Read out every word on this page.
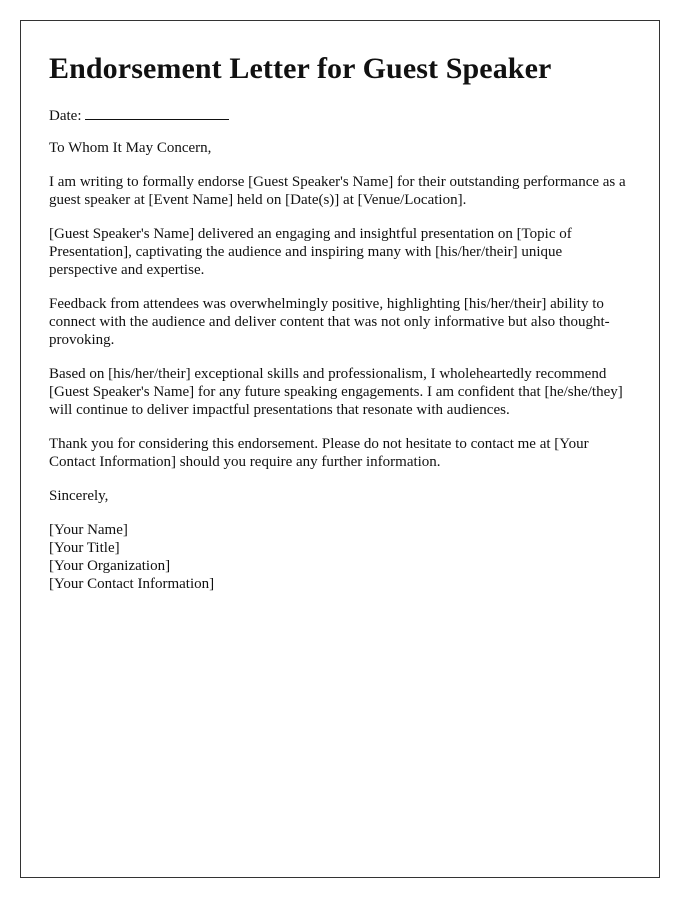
Endorsement Letter for Guest Speaker
Date:

To Whom It May Concern,

I am writing to formally endorse [Guest Speaker's Name] for their outstanding performance as a guest speaker at [Event Name] held on [Date(s)] at [Venue/Location].

[Guest Speaker's Name] delivered an engaging and insightful presentation on [Topic of Presentation], captivating the audience and inspiring many with [his/her/their] unique perspective and expertise.

Feedback from attendees was overwhelmingly positive, highlighting [his/her/their] ability to connect with the audience and deliver content that was not only informative but also thought-provoking.

Based on [his/her/their] exceptional skills and professionalism, I wholeheartedly recommend [Guest Speaker's Name] for any future speaking engagements. I am confident that [he/she/they] will continue to deliver impactful presentations that resonate with audiences.

Thank you for considering this endorsement. Please do not hesitate to contact me at [Your Contact Information] should you require any further information.

Sincerely,

[Your Name]
[Your Title]
[Your Organization]
[Your Contact Information]
